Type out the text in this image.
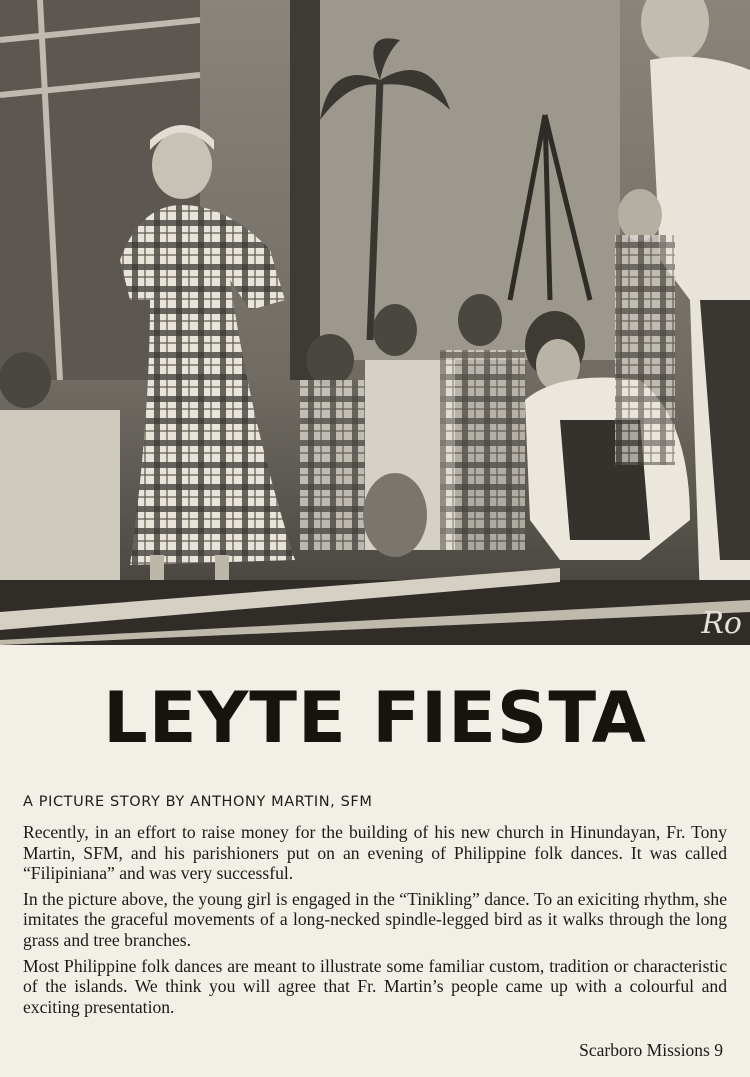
Ro
LEYTE FIESTA
A PICTURE STORY BY ANTHONY MARTIN, SFM

Recently, in an effort to raise money for the building of his new church in Hinundayan, Fr. Tony Martin, SFM, and his parishioners put on an evening of Philippine folk dances. It was called “Filipiniana” and was very successful.

In the picture above, the young girl is engaged in the “Tinikling” dance. To an exiciting rhythm, she imitates the graceful movements of a long-necked spindle-legged bird as it walks through the long grass and tree branches.

Most Philippine folk dances are meant to illustrate some familiar custom, tradition or characteristic of the islands. We think you will agree that Fr. Martin’s people came up with a colourful and exciting presentation.

Scarboro Missions 9
